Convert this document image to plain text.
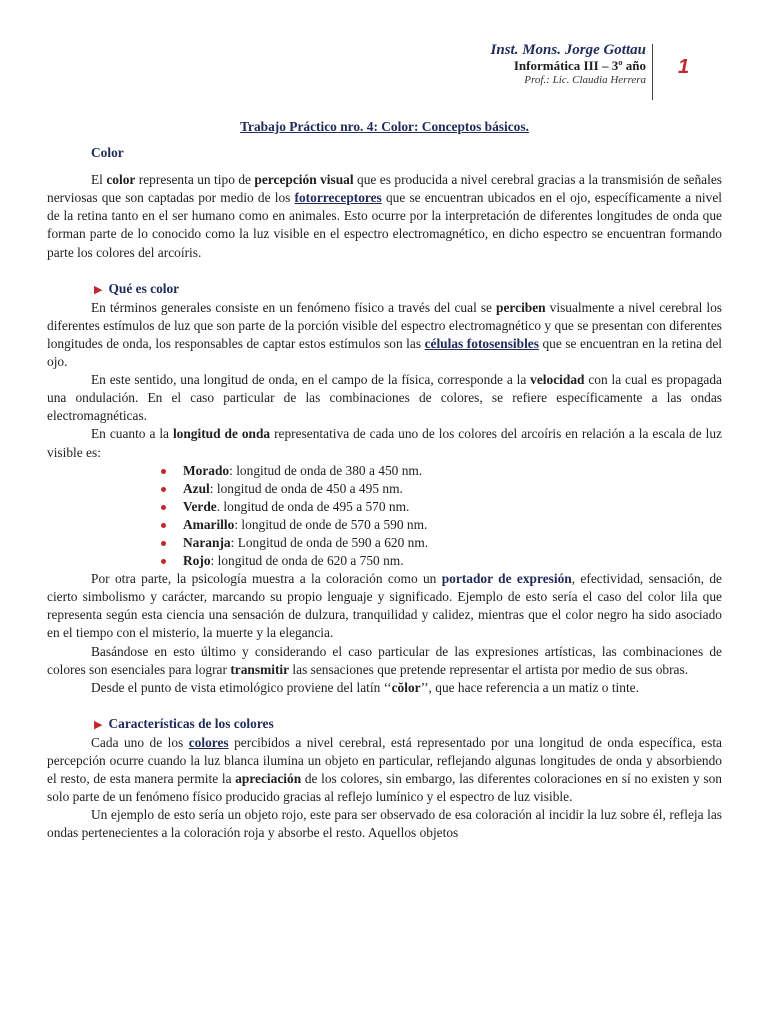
Inst. Mons. Jorge Gottau
Informática III – 3º año
Prof.: Lic. Claudia Herrera
1
Trabajo Práctico nro. 4: Color: Conceptos básicos.
Color

El color representa un tipo de percepción visual que es producida a nivel cerebral gracias a la transmisión de señales nerviosas que son captadas por medio de los fotorreceptores que se encuentran ubicados en el ojo, específicamente a nivel de la retina tanto en el ser humano como en animales. Esto ocurre por la interpretación de diferentes longitudes de onda que forman parte de lo conocido como la luz visible en el espectro electromagnético, en dicho espectro se encuentran formando parte los colores del arcoíris.

▶ Qué es color

En términos generales consiste en un fenómeno físico a través del cual se perciben visualmente a nivel cerebral los diferentes estímulos de luz que son parte de la porción visible del espectro electromagnético y que se presentan con diferentes longitudes de onda, los responsables de captar estos estímulos son las células fotosensibles que se encuentran en la retina del ojo.

En este sentido, una longitud de onda, en el campo de la física, corresponde a la velocidad con la cual es propagada una ondulación. En el caso particular de las combinaciones de colores, se refiere específicamente a las ondas electromagnéticas.

En cuanto a la longitud de onda representativa de cada uno de los colores del arcoíris en relación a la escala de luz visible es:

Morado: longitud de onda de 380 a 450 nm.
Azul: longitud de onda de 450 a 495 nm.
Verde. longitud de onda de 495 a 570 nm.
Amarillo: longitud de onde de 570 a 590 nm.
Naranja: Longitud de onda de 590 a 620 nm.
Rojo: longitud de onda de 620 a 750 nm.

Por otra parte, la psicología muestra a la coloración como un portador de expresión, efectividad, sensación, de cierto simbolismo y carácter, marcando su propio lenguaje y significado. Ejemplo de esto sería el caso del color lila que representa según esta ciencia una sensación de dulzura, tranquilidad y calidez, mientras que el color negro ha sido asociado en el tiempo con el misterio, la muerte y la elegancia.

Basándose en esto último y considerando el caso particular de las expresiones artísticas, las combinaciones de colores son esenciales para lograr transmitir las sensaciones que pretende representar el artista por medio de sus obras.

Desde el punto de vista etimológico proviene del latín ‘‘cŏlor’’, que hace referencia a un matiz o tinte.

▶ Características de los colores

Cada uno de los colores percibidos a nivel cerebral, está representado por una longitud de onda específica, esta percepción ocurre cuando la luz blanca ilumina un objeto en particular, reflejando algunas longitudes de onda y absorbiendo el resto, de esta manera permite la apreciación de los colores, sin embargo, las diferentes coloraciones en sí no existen y son solo parte de un fenómeno físico producido gracias al reflejo lumínico y el espectro de luz visible.

Un ejemplo de esto sería un objeto rojo, este para ser observado de esa coloración al incidir la luz sobre él, refleja las ondas pertenecientes a la coloración roja y absorbe el resto. Aquellos objetos
